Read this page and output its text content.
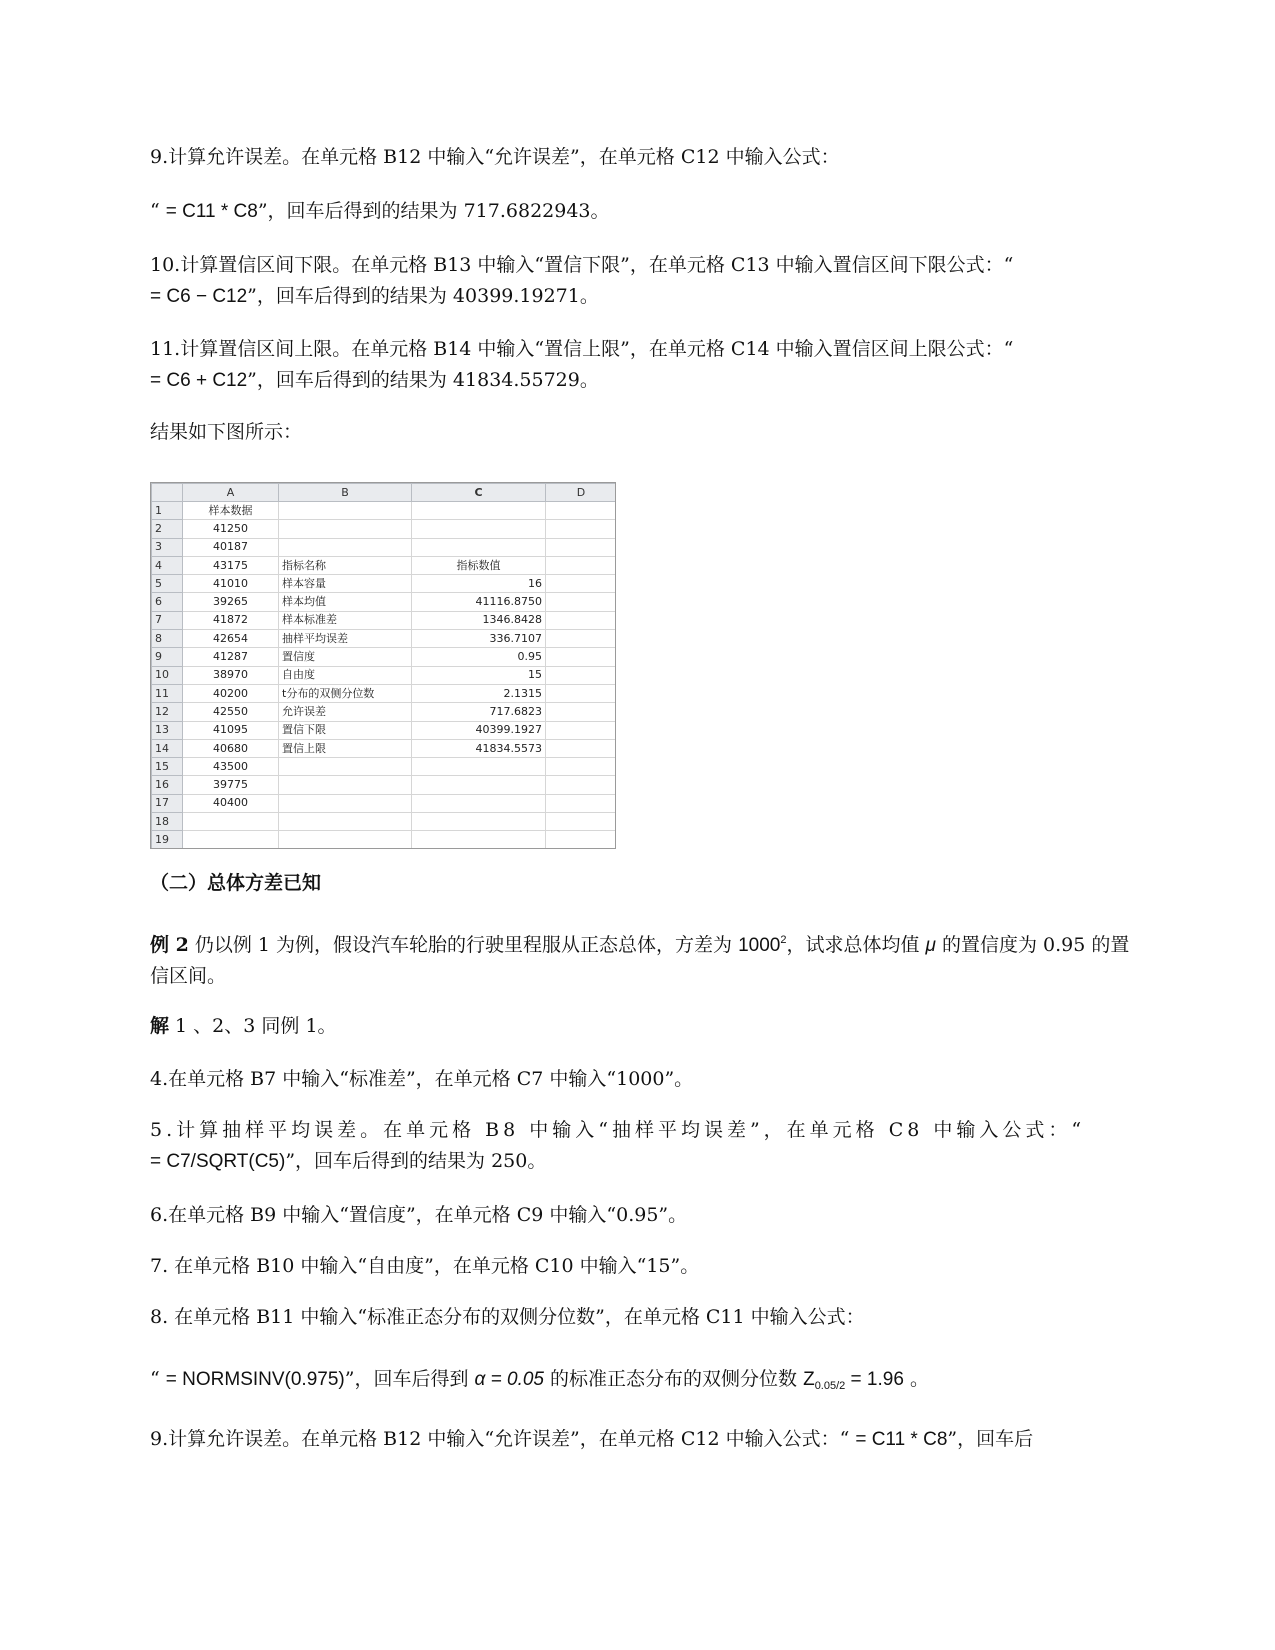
9.计算允许误差。在单元格 B12 中输入“允许误差”，在单元格 C12 中输入公式：

“ = C11 * C8”，回车后得到的结果为 717.6822943。

10.计算置信区间下限。在单元格 B13 中输入“置信下限”，在单元格 C13 中输入置信区间下限公式：“
= C6 − C12”，回车后得到的结果为 40399.19271。

11.计算置信区间上限。在单元格 B14 中输入“置信上限”，在单元格 C14 中输入置信区间上限公式：“
= C6 + C12”，回车后得到的结果为 41834.55729。

结果如下图所示：

	A	B	C	D
1	样本数据			
2	41250			
3	40187			
4	43175	指标名称	指标数值	
5	41010	样本容量	16	
6	39265	样本均值	41116.8750	
7	41872	样本标准差	1346.8428	
8	42654	抽样平均误差	336.7107	
9	41287	置信度	0.95	
10	38970	自由度	15	
11	40200	t分布的双侧分位数	2.1315	
12	42550	允许误差	717.6823	
13	41095	置信下限	40399.1927	
14	40680	置信上限	41834.5573	
15	43500			
16	39775			
17	40400			
18				
19				

（二）总体方差已知

例 2 仍以例 1 为例，假设汽车轮胎的行驶里程服从正态总体，方差为 1000$^2$，试求总体均值 μ 的置信度为 0.95 的置信区间。

解 1 、2、3 同例 1。

4.在单元格 B7 中输入“标准差”，在单元格 C7 中输入“1000”。

5.计算抽样平均误差。在单元格 B8 中输入“抽样平均误差”，在单元格 C8 中输入公式：“
= C7/SQRT(C5)”，回车后得到的结果为 250。

6.在单元格 B9 中输入“置信度”，在单元格 C9 中输入“0.95”。

7. 在单元格 B10 中输入“自由度”，在单元格 C10 中输入“15”。

8. 在单元格 B11 中输入“标准正态分布的双侧分位数”，在单元格 C11 中输入公式：

“ = NORMSINV(0.975)”，回车后得到 α = 0.05 的标准正态分布的双侧分位数 $Z_{0.05/2} = 1.96$ 。

9.计算允许误差。在单元格 B12 中输入“允许误差”，在单元格 C12 中输入公式：“ = C11 * C8”，回车后
